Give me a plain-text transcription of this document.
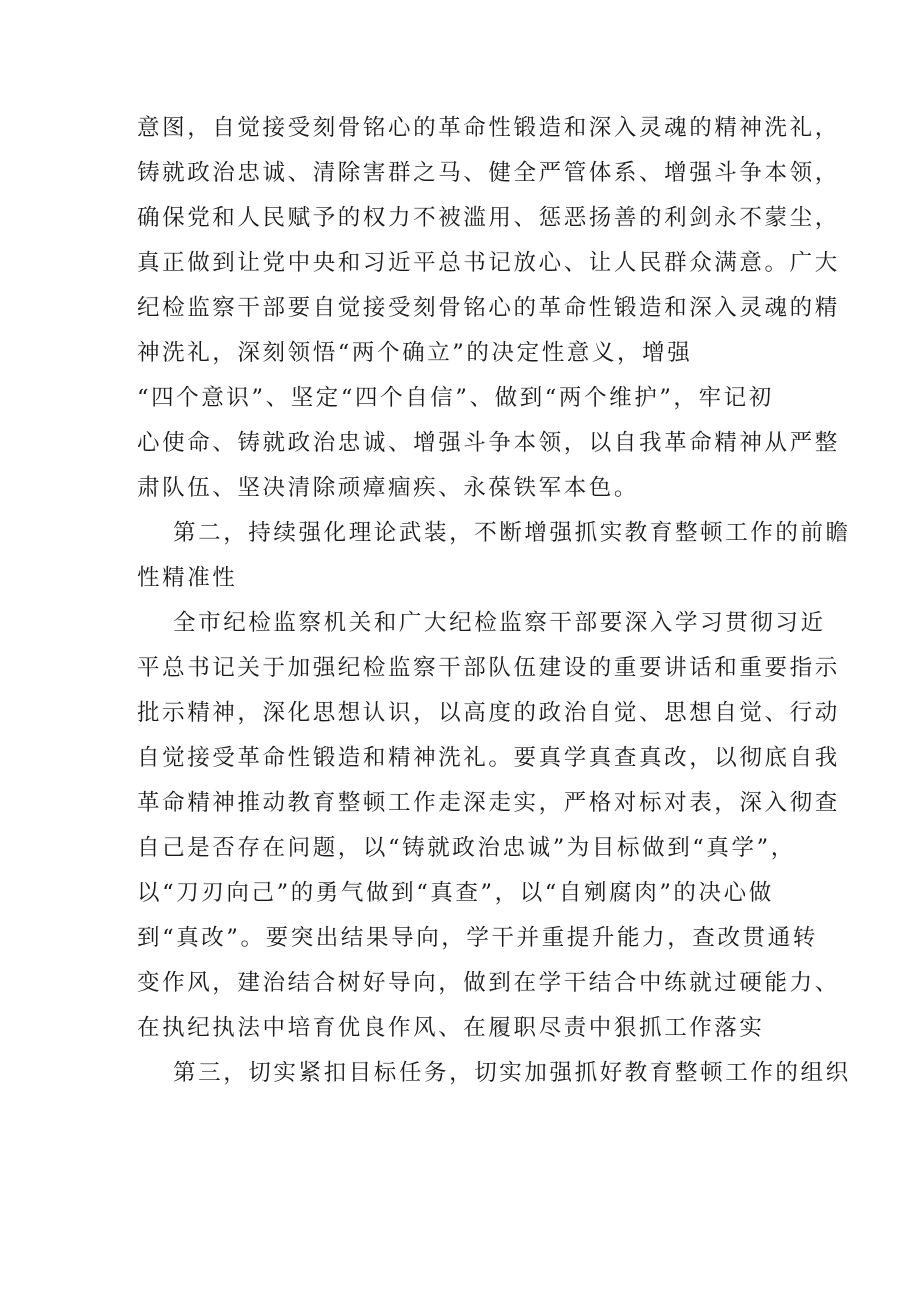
意图，自觉接受刻骨铭心的革命性锻造和深入灵魂的精神洗礼，
铸就政治忠诚、清除害群之马、健全严管体系、增强斗争本领，
确保党和人民赋予的权力不被滥用、惩恶扬善的利剑永不蒙尘，
真正做到让党中央和习近平总书记放心、让人民群众满意。广大
纪检监察干部要自觉接受刻骨铭心的革命性锻造和深入灵魂的精
神洗礼，深刻领悟“两个确立”的决定性意义，增强
“四个意识”、坚定“四个自信”、做到“两个维护”，牢记初
心使命、铸就政治忠诚、增强斗争本领，以自我革命精神从严整
肃队伍、坚决清除顽瘴痼疾、永葆铁军本色。
第二，持续强化理论武装，不断增强抓实教育整顿工作的前瞻
性精准性
全市纪检监察机关和广大纪检监察干部要深入学习贯彻习近
平总书记关于加强纪检监察干部队伍建设的重要讲话和重要指示
批示精神，深化思想认识，以高度的政治自觉、思想自觉、行动
自觉接受革命性锻造和精神洗礼。要真学真查真改，以彻底自我
革命精神推动教育整顿工作走深走实，严格对标对表，深入彻查
自己是否存在问题，以“铸就政治忠诚”为目标做到“真学”，
以“刀刃向己”的勇气做到“真查”，以“自剜腐肉”的决心做
到“真改”。要突出结果导向，学干并重提升能力，查改贯通转
变作风，建治结合树好导向，做到在学干结合中练就过硬能力、
在执纪执法中培育优良作风、在履职尽责中狠抓工作落实
第三，切实紧扣目标任务，切实加强抓好教育整顿工作的组织
